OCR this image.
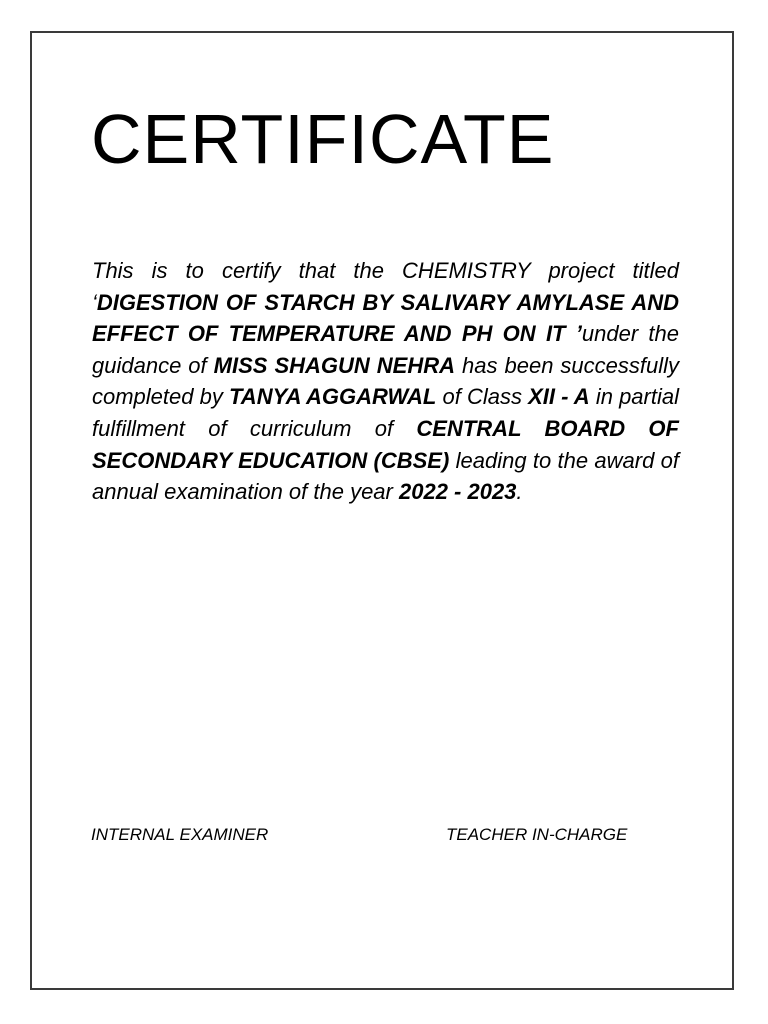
CERTIFICATE

This is to certify that the CHEMISTRY project titled ‘DIGESTION OF STARCH BY SALIVARY AMYLASE AND EFFECT OF TEMPERATURE AND PH ON IT ’under the guidance of MISS SHAGUN NEHRA has been successfully completed by TANYA AGGARWAL of Class XII - A in partial fulfillment of curriculum of CENTRAL BOARD OF SECONDARY EDUCATION (CBSE) leading to the award of annual examination of the year 2022 - 2023.

INTERNAL EXAMINER	TEACHER IN-CHARGE
